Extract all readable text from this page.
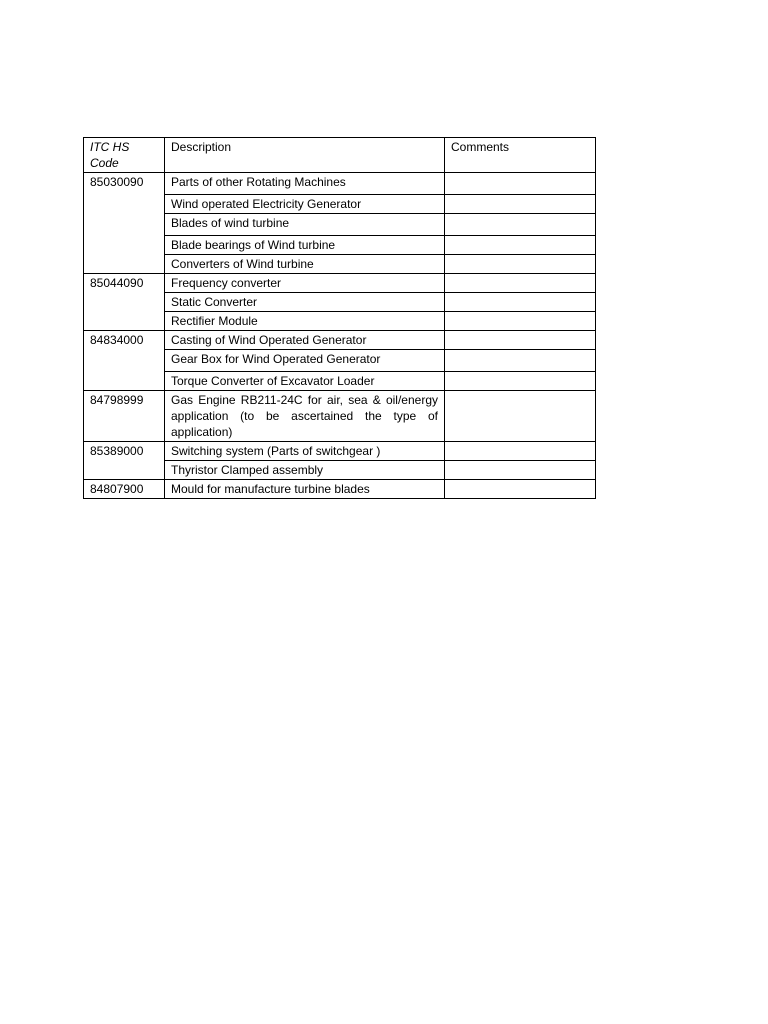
ITC HS Code	Description	Comments
85030090	Parts of other Rotating Machines	
	Wind operated Electricity Generator	
	Blades of wind turbine	
	Blade bearings of Wind turbine	
	Converters of Wind turbine	
85044090	Frequency converter	
	Static Converter	
	Rectifier Module	
84834000	Casting of Wind Operated Generator	
	Gear Box for Wind Operated Generator	
	Torque Converter of Excavator Loader	
84798999	Gas Engine RB211-24C for air, sea & oil/energy application (to be ascertained the type of application)	
85389000	Switching system (Parts of switchgear )	
	Thyristor Clamped assembly	
84807900	Mould for manufacture turbine blades	
